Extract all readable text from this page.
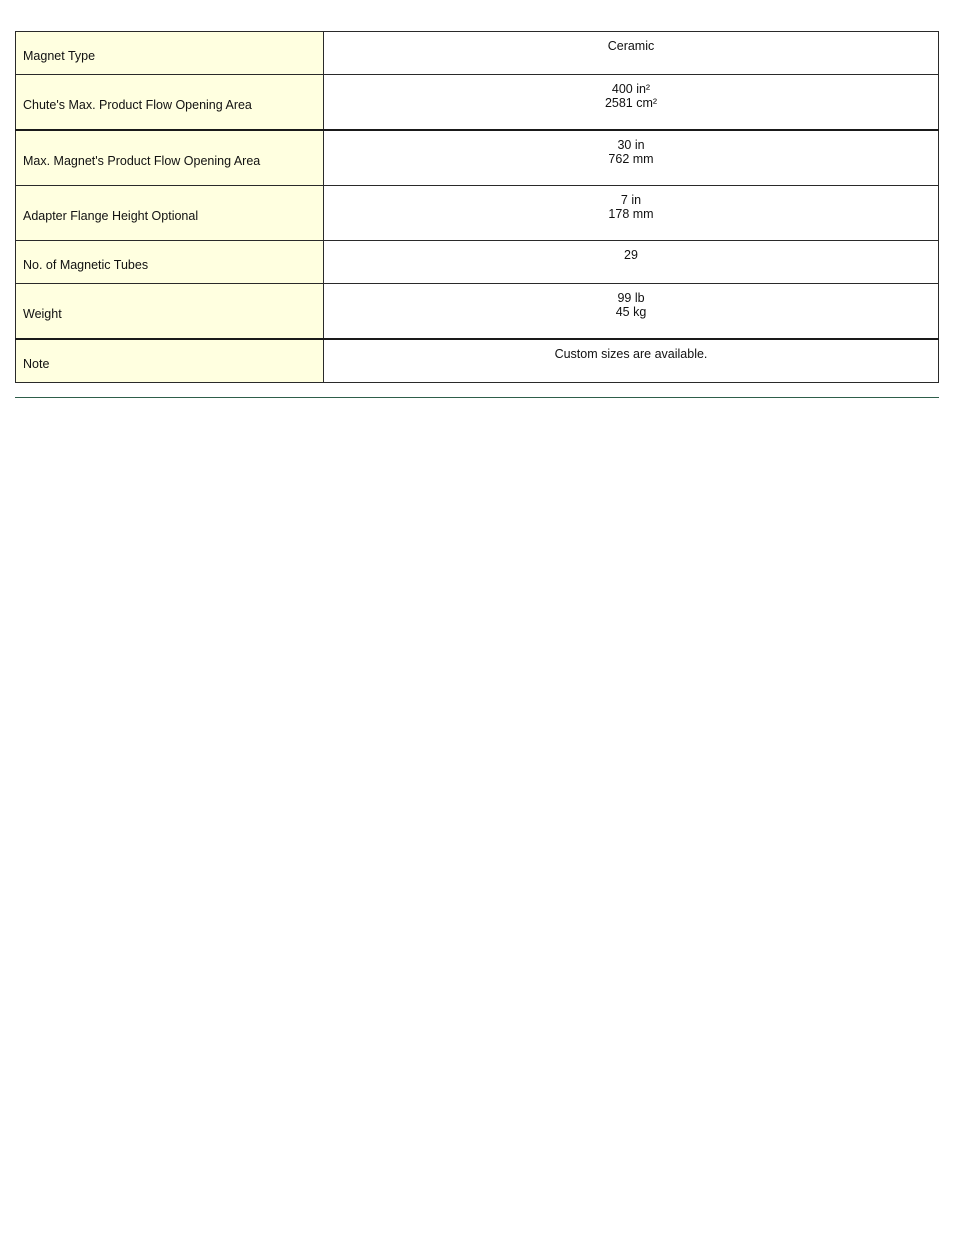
Magnet Type	Ceramic

Chute's Max. Product Flow Opening Area	400 in²
2581 cm²

Max. Magnet's Product Flow Opening Area	30 in
762 mm

Adapter Flange Height Optional	7 in
178 mm

No. of Magnetic Tubes	29

Weight	99 lb
45 kg

Note	Custom sizes are available.
